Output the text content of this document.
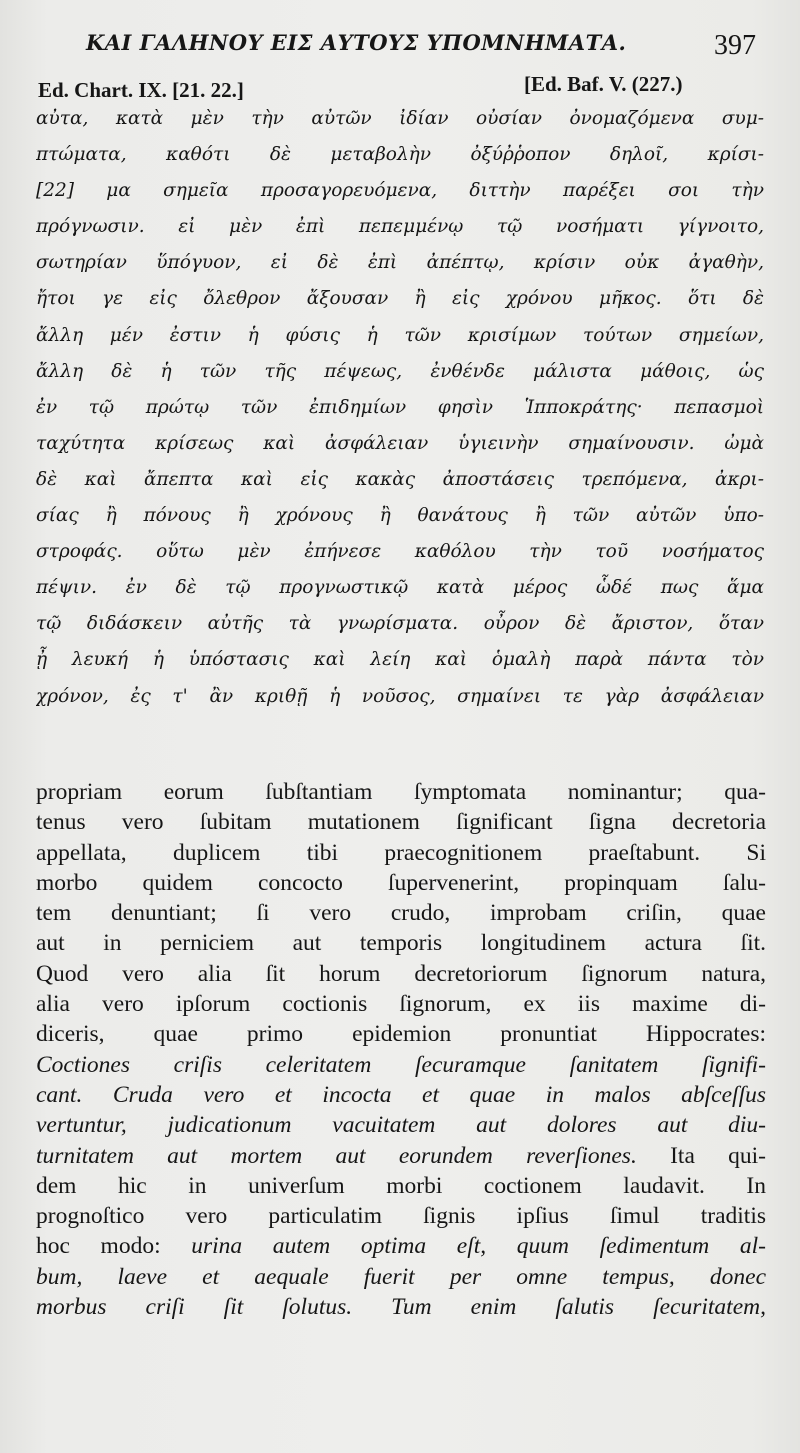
ΚΑΙ ΓΑΛΗΝΟΥ ΕΙΣ ΑΥΤΟΥΣ ΥΠΟΜΝΗΜΑΤΑ.	397
Ed. Chart. IX. [21. 22.]	[Ed. Baf. V. (227.)
αὐτα, κατὰ μὲν τὴν αὐτῶν ἰδίαν οὐσίαν ὀνομαζόμενα συμ-
πτώματα, καθότι δὲ μεταβολὴν ὀξύῤῥοπον δηλοῖ, κρίσι-
[22] μα σημεῖα προσαγορευόμενα, διττὴν παρέξει σοι τὴν
πρόγνωσιν. εἰ μὲν ἐπὶ πεπεμμένῳ τῷ νοσήματι γίγνοιτο,
σωτηρίαν ὕπόγυον, εἰ δὲ ἐπὶ ἀπέπτῳ, κρίσιν οὐκ ἀγαθὴν,
ἤτοι γε εἰς ὄλεθρον ἄξουσαν ἢ εἰς χρόνου μῆκος. ὅτι δὲ
ἄλλη μέν ἐστιν ἡ φύσις ἡ τῶν κρισίμων τούτων σημείων,
ἄλλη δὲ ἡ τῶν τῆς πέψεως, ἐνθένδε μάλιστα μάθοις, ὡς
ἐν τῷ πρώτῳ τῶν ἐπιδημίων φησὶν Ἱπποκράτης· πεπασμοὶ
ταχύτητα κρίσεως καὶ ἀσφάλειαν ὑγιεινὴν σημαίνουσιν. ὠμὰ
δὲ καὶ ἄπεπτα καὶ εἰς κακὰς ἀποστάσεις τρεπόμενα, ἀκρι-
σίας ἢ πόνους ἢ χρόνους ἢ θανάτους ἢ τῶν αὐτῶν ὑπο-
στροφάς. οὕτω μὲν ἐπήνεσε καθόλου τὴν τοῦ νοσήματος
πέψιν. ἐν δὲ τῷ προγνωστικῷ κατὰ μέρος ὧδέ πως ἅμα
τῷ διδάσκειν αὐτῆς τὰ γνωρίσματα. οὖρον δὲ ἄριστον, ὅταν
ᾖ λευκή ἡ ὑπόστασις καὶ λείη καὶ ὁμαλὴ παρὰ πάντα τὸν
χρόνον, ἐς τ' ἂν κριθῇ ἡ νοῦσος, σημαίνει τε γὰρ ἀσφάλειαν
propriam eorum ſubſtantiam ſymptomata nominantur; qua-
tenus vero ſubitam mutationem ſignificant ſigna decretoria
appellata, duplicem tibi praecognitionem praeſtabunt. Si
morbo quidem concocto ſupervenerint, propinquam ſalu-
tem denuntiant; ſi vero crudo, improbam criſin, quae
aut in perniciem aut temporis longitudinem actura ſit.
Quod vero alia ſit horum decretoriorum ſignorum natura,
alia vero ipſorum coctionis ſignorum, ex iis maxime di-
diceris, quae primo epidemion pronuntiat Hippocrates:
Coctiones criſis celeritatem ſecuramque ſanitatem ſignifi-
cant. Cruda vero et incocta et quae in malos abſceſſus
vertuntur, judicationum vacuitatem aut dolores aut diu-
turnitatem aut mortem aut eorundem reverſiones. Ita qui-
dem hic in univerſum morbi coctionem laudavit. In
prognoſtico vero particulatim ſignis ipſius ſimul traditis
hoc modo: urina autem optima eſt, quum ſedimentum al-
bum, laeve et aequale fuerit per omne tempus, donec
morbus criſi ſit ſolutus. Tum enim ſalutis ſecuritatem,
